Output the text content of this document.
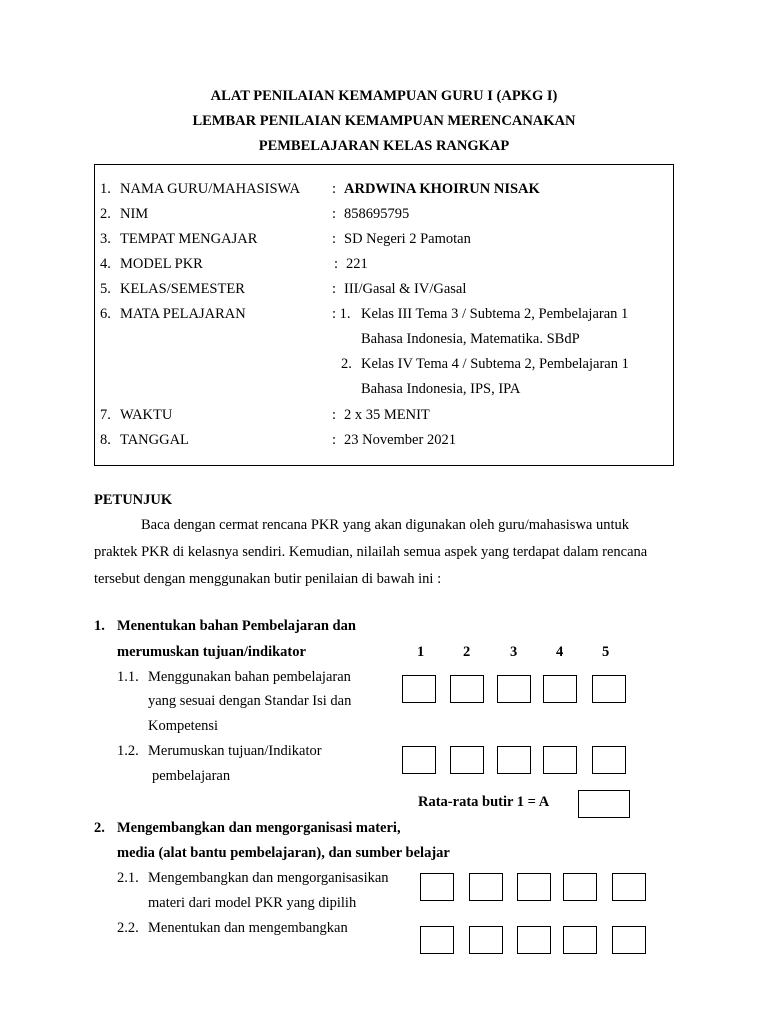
ALAT PENILAIAN KEMAMPUAN GURU I (APKG I)
LEMBAR PENILAIAN KEMAMPUAN MERENCANAKAN
PEMBELAJARAN KELAS RANGKAP
1. NAMA GURU/MAHASISWA : ARDWINA KHOIRUN NISAK
2. NIM	: 858695795
3. TEMPAT MENGAJAR	: SD Negeri 2 Pamotan
4. MODEL PKR	: 221
5. KELAS/SEMESTER	: III/Gasal & IV/Gasal
6. MATA PELAJARAN	: 1. Kelas III Tema 3 / Subtema 2, Pembelajaran 1
Bahasa Indonesia, Matematika. SBdP
2. Kelas IV Tema 4 / Subtema 2, Pembelajaran 1
Bahasa Indonesia, IPS, IPA
7. WAKTU	: 2 x 35 MENIT
8. TANGGAL	: 23 November 2021
PETUNJUK
Baca dengan cermat rencana PKR yang akan digunakan oleh guru/mahasiswa untuk
praktek PKR di kelasnya sendiri. Kemudian, nilailah semua aspek yang terdapat dalam rencana
tersebut dengan menggunakan butir penilaian di bawah ini :
1. Menentukan bahan Pembelajaran dan
merumuskan tujuan/indikator	1	2	3	4	5
1.1. Menggunakan bahan pembelajaran
yang sesuai dengan Standar Isi dan
Kompetensi
1.2. Merumuskan tujuan/Indikator
pembelajaran
Rata-rata butir 1 = A
2. Mengembangkan dan mengorganisasi materi,
media (alat bantu pembelajaran), dan sumber belajar
2.1. Mengembangkan dan mengorganisasikan
materi dari model PKR yang dipilih
2.2. Menentukan dan mengembangkan
